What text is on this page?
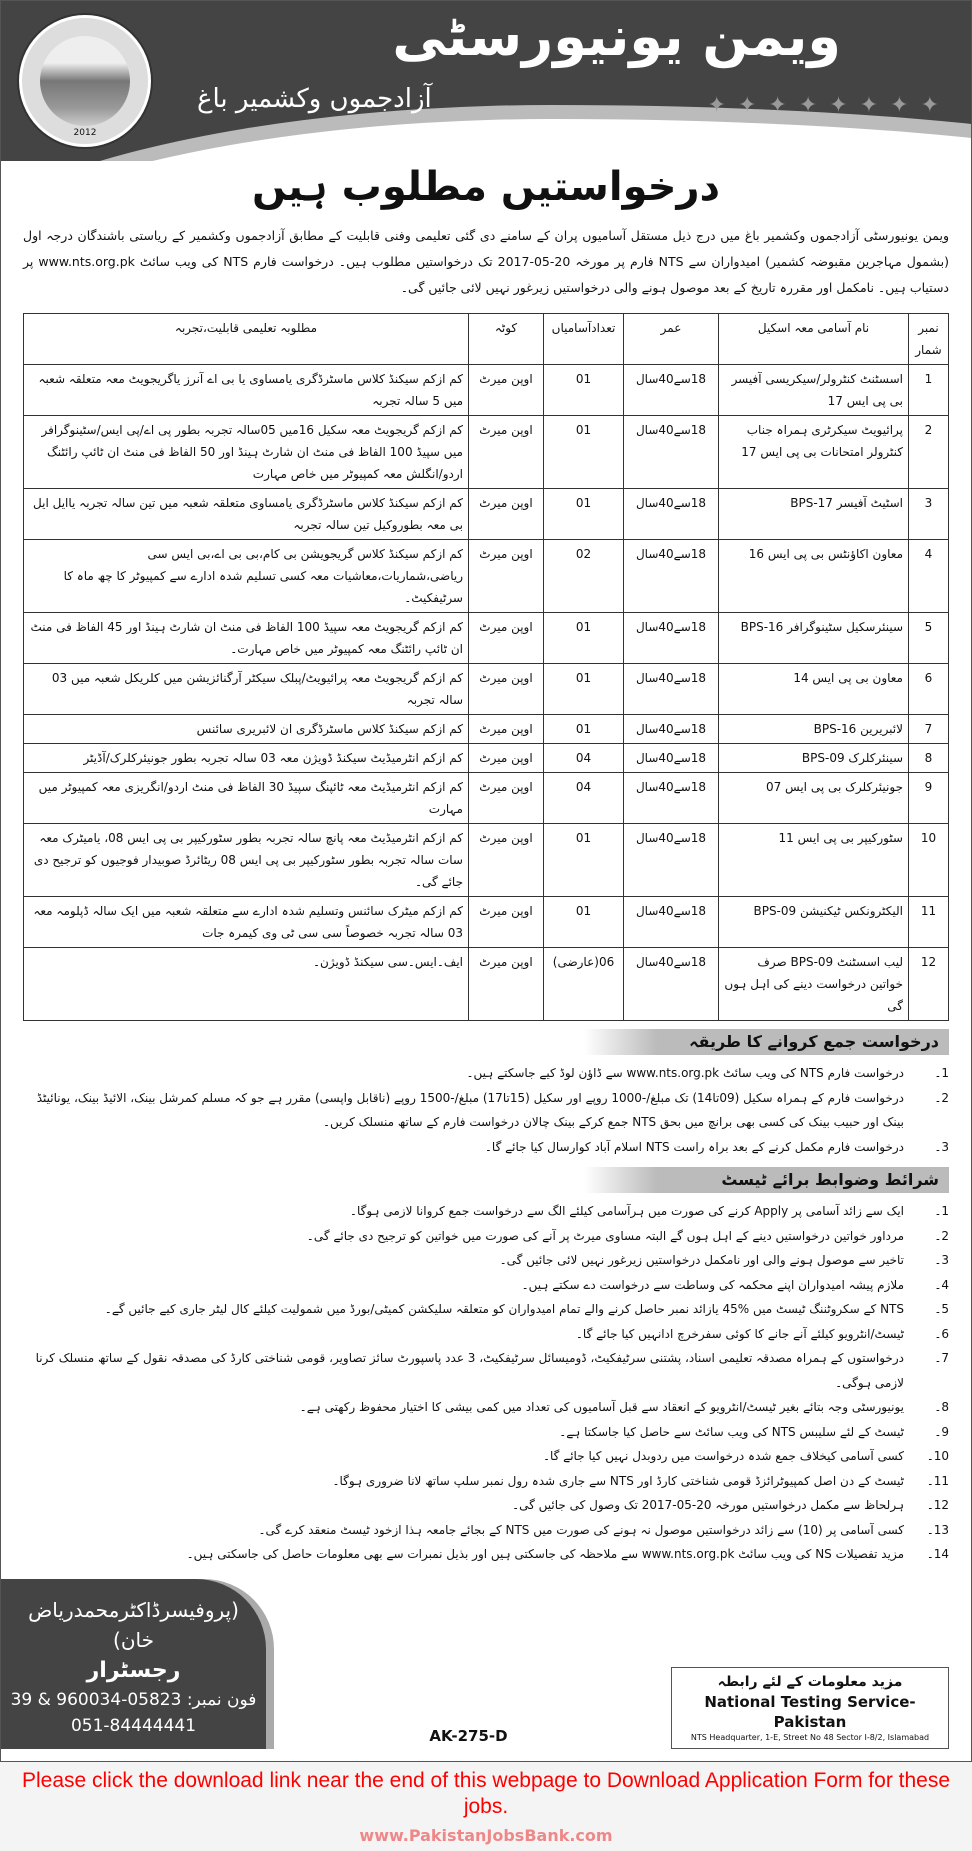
2012
ویمن یونیورسٹی
آزادجموں وکشمیر باغ	✦✦✦✦✦✦✦✦
درخواستیں مطلوب ہیں

ویمن یونیورسٹی آزادجموں وکشمیر باغ میں درج ذیل مستقل آسامیوں پران کے سامنے دی گئی تعلیمی وفنی قابلیت کے مطابق آزادجموں وکشمیر کے ریاستی باشندگان درجہ اول (بشمول مہاجرین مقبوضہ کشمیر) امیدواران سے NTS فارم پر مورخہ 20-05-2017 تک درخواستیں مطلوب ہیں۔ درخواست فارم NTS کی ویب سائٹ www.nts.org.pk پر دستیاب ہیں۔ نامکمل اور مقررہ تاریخ کے بعد موصول ہونے والی درخواستیں زیرغور نہیں لائی جائیں گی۔

نمبرشمار	نام آسامی معہ اسکیل	عمر	تعدادآسامیاں	کوٹہ	مطلوبہ تعلیمی قابلیت،تجربہ
1	اسسٹنٹ کنٹرولر/سیکریسی آفیسر بی پی ایس 17	18سے40سال	01	اوپن میرٹ	کم ازکم سیکنڈ کلاس ماسٹرڈگری یامساوی یا بی اے آنرز یاگریجویٹ معہ متعلقہ شعبہ میں 5 سالہ تجربہ
2	پرائیویٹ سیکرٹری ہمراہ جناب کنٹرولر امتحانات بی پی ایس 17	18سے40سال	01	اوپن میرٹ	کم ازکم گریجویٹ معہ سکیل 16میں 05سالہ تجربہ بطور پی اے/پی ایس/سٹینوگرافر میں سپیڈ 100 الفاظ فی منٹ ان شارٹ ہینڈ اور 50 الفاظ فی منٹ ان ٹائپ رائٹنگ اردو/انگلش معہ کمپیوٹر میں خاص مہارت
3	اسٹیٹ آفیسر BPS-17	18سے40سال	01	اوپن میرٹ	کم ازکم سیکنڈ کلاس ماسٹرڈگری یامساوی متعلقہ شعبہ میں تین سالہ تجربہ یاایل ایل بی معہ بطوروکیل تین سالہ تجربہ
4	معاون اکاؤنٹس بی پی ایس 16	18سے40سال	02	اوپن میرٹ	کم ازکم سیکنڈ کلاس گریجویشن بی کام،بی بی اے،بی ایس سی ریاضی،شماریات،معاشیات معہ کسی تسلیم شدہ ادارے سے کمپیوٹر کا چھ ماہ کا سرٹیفکیٹ۔
5	سینئرسکیل سٹینوگرافر BPS-16	18سے40سال	01	اوپن میرٹ	کم ازکم گریجویٹ معہ سپیڈ 100 الفاظ فی منٹ ان شارٹ ہینڈ اور 45 الفاظ فی منٹ ان ٹائپ رائٹنگ معہ کمپیوٹر میں خاص مہارت۔
6	معاون بی پی ایس 14	18سے40سال	01	اوپن میرٹ	کم ازکم گریجویٹ معہ پرائیویٹ/پبلک سیکٹر آرگنائزیشن میں کلریکل شعبہ میں 03 سالہ تجربہ
7	لائبریرین BPS-16	18سے40سال	01	اوپن میرٹ	کم ازکم سیکنڈ کلاس ماسٹرڈگری ان لائبریری سائنس
8	سینئرکلرک BPS-09	18سے40سال	04	اوپن میرٹ	کم ازکم انٹرمیڈیٹ سیکنڈ ڈویژن معہ 03 سالہ تجربہ بطور جونیئرکلرک/آڈیٹر
9	جونیئرکلرک بی پی ایس 07	18سے40سال	04	اوپن میرٹ	کم ازکم انٹرمیڈیٹ معہ ٹائپنگ سپیڈ 30 الفاظ فی منٹ اردو/انگریزی معہ کمپیوٹر میں مہارت
10	سٹورکیپر بی پی ایس 11	18سے40سال	01	اوپن میرٹ	کم ازکم انٹرمیڈیٹ معہ پانچ سالہ تجربہ بطور سٹورکیپر بی پی ایس 08، یامیٹرک معہ سات سالہ تجربہ بطور سٹورکیپر بی پی ایس 08 ریٹائرڈ صوبیدار فوجیوں کو ترجیح دی جائے گی۔
11	الیکٹرونکس ٹیکنیشن BPS-09	18سے40سال	01	اوپن میرٹ	کم ازکم میٹرک سائنس وتسلیم شدہ ادارے سے متعلقہ شعبہ میں ایک سالہ ڈپلومہ معہ 03 سالہ تجربہ خصوصاً سی سی ٹی وی کیمرہ جات
12	لیب اسسٹنٹ BPS-09 صرف خواتین درخواست دینے کی اہل ہوں گی	18سے40سال	06(عارضی)	اوپن میرٹ	ایف۔ایس۔سی سیکنڈ ڈویژن۔
درخواست جمع کروانے کا طریقہ
1۔
درخواست فارم NTS کی ویب سائٹ www.nts.org.pk سے ڈاؤن لوڈ کیے جاسکتے ہیں۔
2۔
درخواست فارم کے ہمراہ سکیل (09تا14) تک مبلغ/-1000 روپے اور سکیل (15تا17) مبلغ/-1500 روپے (ناقابل واپسی) مقرر ہے جو کہ مسلم کمرشل بینک، الائیڈ بینک، یونائیٹڈ بینک اور حبیب بینک کی کسی بھی برانچ میں بحق NTS جمع کرکے بینک چالان درخواست فارم کے ساتھ منسلک کریں۔
3۔
درخواست فارم مکمل کرنے کے بعد براہ راست NTS اسلام آباد کوارسال کیا جائے گا۔
شرائط وضوابط برائے ٹیسٹ
1۔
ایک سے زائد آسامی پر Apply کرنے کی صورت میں ہرآسامی کیلئے الگ سے درخواست جمع کروانا لازمی ہوگا۔
2۔
مرداور خواتین درخواستیں دینے کے اہل ہوں گے البتہ مساوی میرٹ پر آنے کی صورت میں خواتین کو ترجیح دی جائے گی۔
3۔
تاخیر سے موصول ہونے والی اور نامکمل درخواستیں زیرغور نہیں لائی جائیں گی۔
4۔
ملازم پیشہ امیدواران اپنے محکمہ کی وساطت سے درخواست دے سکتے ہیں۔
5۔
NTS کے سکروٹننگ ٹیسٹ میں %45 یازائد نمبر حاصل کرنے والے تمام امیدواران کو متعلقہ سلیکشن کمیٹی/بورڈ میں شمولیت کیلئے کال لیٹر جاری کیے جائیں گے۔
6۔
ٹیسٹ/انٹرویو کیلئے آنے جانے کا کوئی سفرخرچ ادانہیں کیا جائے گا۔
7۔
درخواستوں کے ہمراہ مصدقہ تعلیمی اسناد، پشتنی سرٹیفکیٹ، ڈومیسائل سرٹیفکیٹ، 3 عدد پاسپورٹ سائز تصاویر، قومی شناختی کارڈ کی مصدقہ نقول کے ساتھ منسلک کرنا لازمی ہوگی۔
8۔
یونیورسٹی وجہ بتائے بغیر ٹیسٹ/انٹرویو کے انعقاد سے قبل آسامیوں کی تعداد میں کمی بیشی کا اختیار محفوظ رکھتی ہے۔
9۔
ٹیسٹ کے لئے سلیبس NTS کی ویب سائٹ سے حاصل کیا جاسکتا ہے۔
10۔
کسی آسامی کیخلاف جمع شدہ درخواست میں ردوبدل نہیں کیا جائے گا۔
11۔
ٹیسٹ کے دن اصل کمپیوٹرائزڈ قومی شناختی کارڈ اور NTS سے جاری شدہ رول نمبر سلپ ساتھ لانا ضروری ہوگا۔
12۔
ہرلحاظ سے مکمل درخواستیں مورخہ 20-05-2017 تک وصول کی جائیں گی۔
13۔
کسی آسامی پر (10) سے زائد درخواستیں موصول نہ ہونے کی صورت میں NTS کے بجائے جامعہ ہذا ازخود ٹیسٹ منعقد کرے گی۔
14۔
مزید تفصیلات NS کی ویب سائٹ www.nts.org.pk سے ملاحظہ کی جاسکتی ہیں اور بذیل نمبرات سے بھی معلومات حاصل کی جاسکتی ہیں۔
(پروفیسرڈاکٹرمحمدریاض خان)
رجسٹرار
فون نمبر: 05823-960034 & 39
051-84444441	AK-275-D
مزید معلومات کے لئے رابطہ
National Testing Service-Pakistan
NTS Headquarter, 1-E, Street No 48 Sector I-8/2, Islamabad
Please click the download link near the end of this webpage to Download Application Form for these jobs.
www.PakistanJobsBank.com
